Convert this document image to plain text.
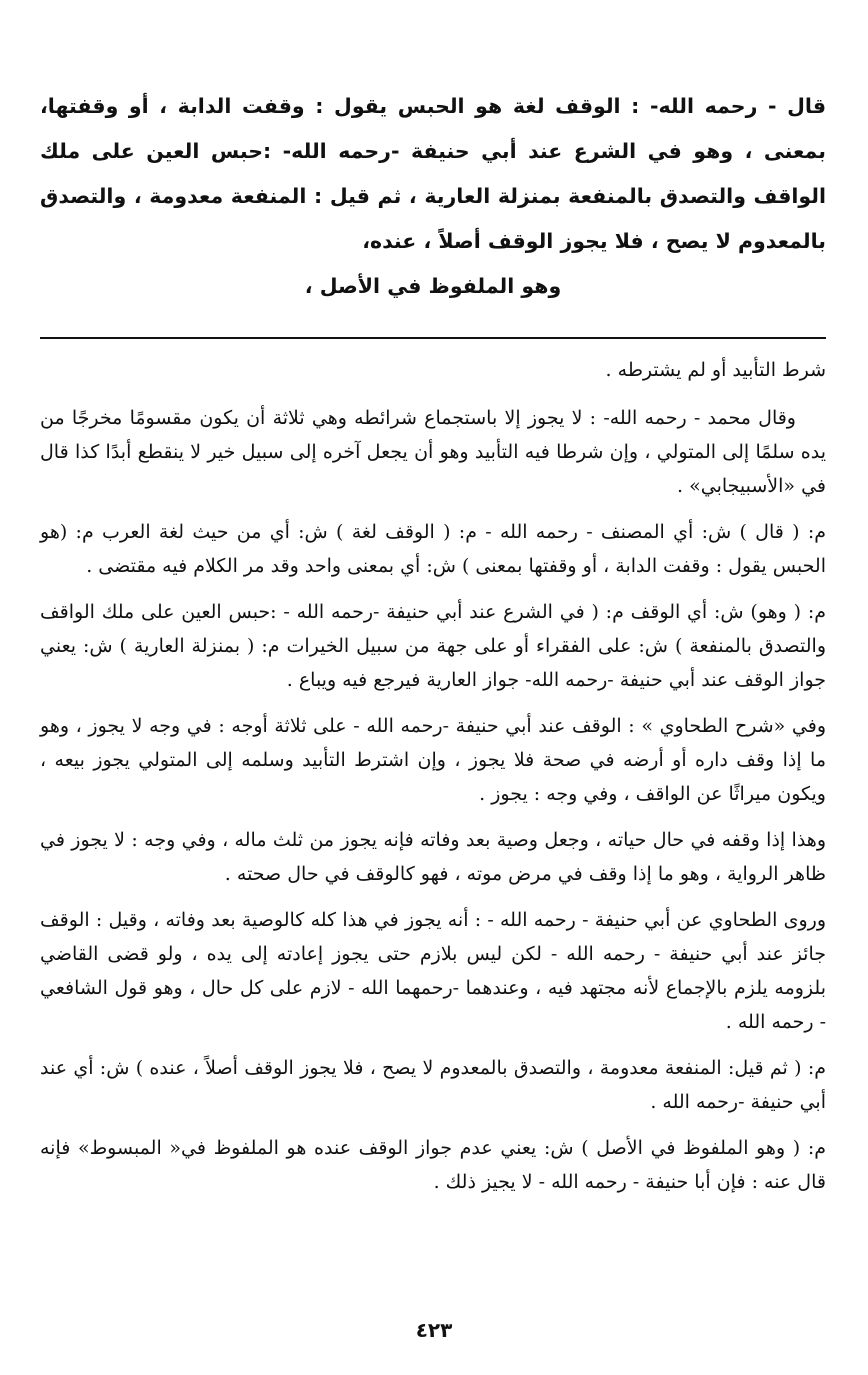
قال - رحمه الله- : الوقف لغة هو الحبس يقول : وقفت الدابة ، أو وقفتها، بمعنى ، وهو في الشرع عند أبي حنيفة -رحمه الله- :حبس العين على ملك الواقف والتصدق بالمنفعة بمنزلة العارية ، ثم قيل : المنفعة معدومة ، والتصدق بالمعدوم لا يصح ، فلا يجوز الوقف أصلاً ، عنده،

وهو الملفوظ في الأصل ،

شرط التأبيد أو لم يشترطه .

وقال محمد - رحمه الله- : لا يجوز إلا باستجماع شرائطه وهي ثلاثة أن يكون مقسومًا مخرجًا من يده سلمًا إلى المتولي ، وإن شرطا فيه التأبيد وهو أن يجعل آخره إلى سبيل خير لا ينقطع أبدًا كذا قال في «الأسبيجابي» .

م: ( قال ) ش: أي المصنف - رحمه الله - م: ( الوقف لغة ) ش: أي من حيث لغة العرب م: (هو الحبس يقول : وقفت الدابة ، أو وقفتها بمعنى ) ش: أي بمعنى واحد وقد مر الكلام فيه مقتضى .

م: ( وهو) ش: أي الوقف م: ( في الشرع عند أبي حنيفة -رحمه الله - :حبس العين على ملك الواقف والتصدق بالمنفعة ) ش: على الفقراء أو على جهة من سبيل الخيرات م: ( بمنزلة العارية ) ش: يعني جواز الوقف عند أبي حنيفة -رحمه الله- جواز العارية فيرجع فيه ويباع .

وفي «شرح الطحاوي » : الوقف عند أبي حنيفة -رحمه الله - على ثلاثة أوجه : في وجه لا يجوز ، وهو ما إذا وقف داره أو أرضه في صحة فلا يجوز ، وإن اشترط التأبيد وسلمه إلى المتولي يجوز بيعه ، ويكون ميراثًا عن الواقف ، وفي وجه : يجوز .

وهذا إذا وقفه في حال حياته ، وجعل وصية بعد وفاته فإنه يجوز من ثلث ماله ، وفي وجه : لا يجوز في ظاهر الرواية ، وهو ما إذا وقف في مرض موته ، فهو كالوقف في حال صحته .

وروى الطحاوي عن أبي حنيفة - رحمه الله - : أنه يجوز في هذا كله كالوصية بعد وفاته ، وقيل : الوقف جائز عند أبي حنيفة - رحمه الله - لكن ليس بلازم حتى يجوز إعادته إلى يده ، ولو قضى القاضي بلزومه يلزم بالإجماع لأنه مجتهد فيه ، وعندهما -رحمهما الله - لازم على كل حال ، وهو قول الشافعي - رحمه الله .

م: ( ثم قيل: المنفعة معدومة ، والتصدق بالمعدوم لا يصح ، فلا يجوز الوقف أصلاً ، عنده ) ش: أي عند أبي حنيفة -رحمه الله .

م: ( وهو الملفوظ في الأصل ) ش: يعني عدم جواز الوقف عنده هو الملفوظ في« المبسوط» فإنه قال عنه : فإن أبا حنيفة - رحمه الله - لا يجيز ذلك .

٤٢٣
